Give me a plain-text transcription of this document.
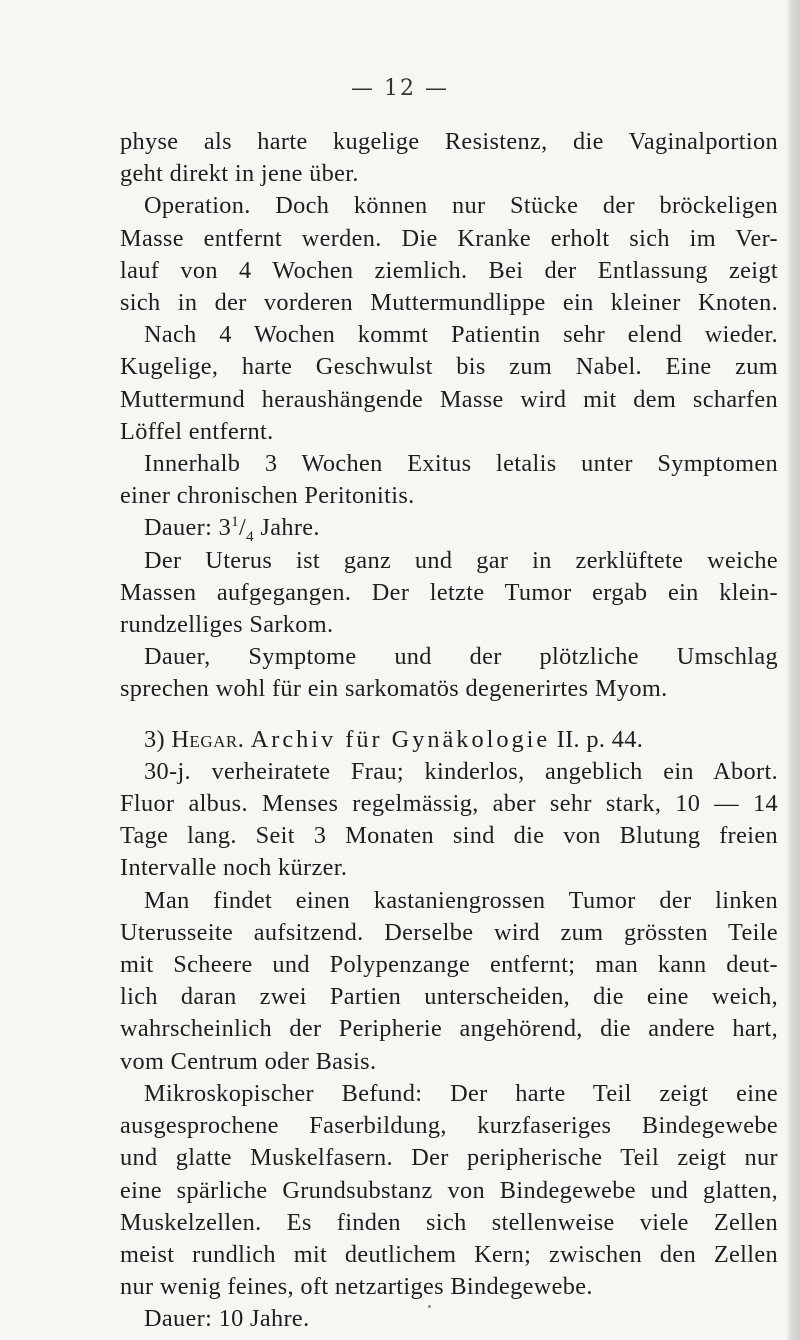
— 12 —
physe als harte kugelige Resistenz, die Vaginalportion
geht direkt in jene über.
Operation. Doch können nur Stücke der bröckeligen
Masse entfernt werden. Die Kranke erholt sich im Ver-
lauf von 4 Wochen ziemlich. Bei der Entlassung zeigt
sich in der vorderen Muttermundlippe ein kleiner Knoten.
Nach 4 Wochen kommt Patientin sehr elend wieder.
Kugelige, harte Geschwulst bis zum Nabel. Eine zum
Muttermund heraushängende Masse wird mit dem scharfen
Löffel entfernt.
Innerhalb 3 Wochen Exitus letalis unter Symptomen
einer chronischen Peritonitis.
Dauer: $3^1/_4$ Jahre.
Der Uterus ist ganz und gar in zerklüftete weiche
Massen aufgegangen. Der letzte Tumor ergab ein klein-
rundzelliges Sarkom.
Dauer, Symptome und der plötzliche Umschlag
sprechen wohl für ein sarkomatös degenerirtes Myom.
3) Hegar. Archiv für Gynäkologie II. p. 44.
30-j. verheiratete Frau; kinderlos, angeblich ein Abort.
Fluor albus. Menses regelmässig, aber sehr stark, 10 — 14
Tage lang. Seit 3 Monaten sind die von Blutung freien
Intervalle noch kürzer.
Man findet einen kastaniengrossen Tumor der linken
Uterusseite aufsitzend. Derselbe wird zum grössten Teile
mit Scheere und Polypenzange entfernt; man kann deut-
lich daran zwei Partien unterscheiden, die eine weich,
wahrscheinlich der Peripherie angehörend, die andere hart,
vom Centrum oder Basis.
Mikroskopischer Befund: Der harte Teil zeigt eine
ausgesprochene Faserbildung, kurzfaseriges Bindegewebe
und glatte Muskelfasern. Der peripherische Teil zeigt nur
eine spärliche Grundsubstanz von Bindegewebe und glatten,
Muskelzellen. Es finden sich stellenweise viele Zellen
meist rundlich mit deutlichem Kern; zwischen den Zellen
nur wenig feines, oft netzartiges Bindegewebe.
Dauer: 10 Jahre.
